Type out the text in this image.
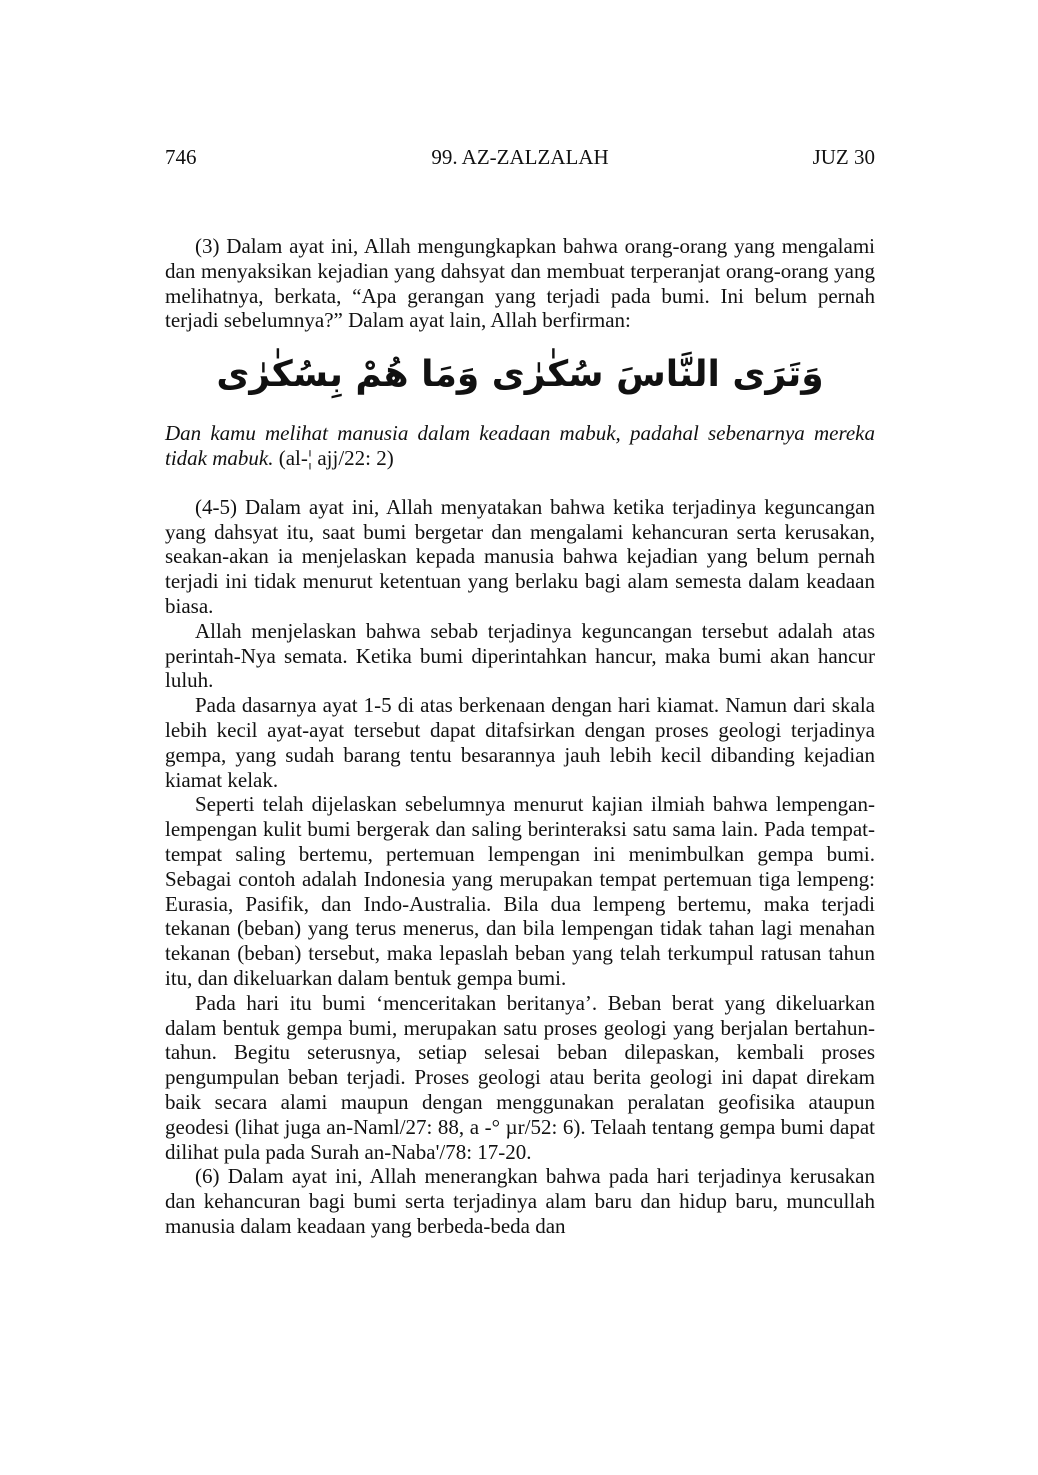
746	99. AZ-ZALZALAH	JUZ 30

(3) Dalam ayat ini, Allah mengungkapkan bahwa orang-orang yang mengalami dan menyaksikan kejadian yang dahsyat dan membuat terperanjat orang-orang yang melihatnya, berkata, “Apa gerangan yang terjadi pada bumi. Ini belum pernah terjadi sebelumnya?” Dalam ayat lain, Allah berfirman:

وَتَرَى النَّاسَ سُكٰرٰى وَمَا هُمْ بِسُكٰرٰى

Dan kamu melihat manusia dalam keadaan mabuk, padahal sebenarnya mereka tidak mabuk. (al-¦ ajj/22: 2)

(4-5) Dalam ayat ini, Allah menyatakan bahwa ketika terjadinya keguncangan yang dahsyat itu, saat bumi bergetar dan mengalami kehancuran serta kerusakan, seakan-akan ia menjelaskan kepada manusia bahwa kejadian yang belum pernah terjadi ini tidak menurut ketentuan yang berlaku bagi alam semesta dalam keadaan biasa.

Allah menjelaskan bahwa sebab terjadinya keguncangan tersebut adalah atas perintah-Nya semata. Ketika bumi diperintahkan hancur, maka bumi akan hancur luluh.

Pada dasarnya ayat 1-5 di atas berkenaan dengan hari kiamat. Namun dari skala lebih kecil ayat-ayat tersebut dapat ditafsirkan dengan proses geologi terjadinya gempa, yang sudah barang tentu besarannya jauh lebih kecil dibanding kejadian kiamat kelak.

Seperti telah dijelaskan sebelumnya menurut kajian ilmiah bahwa lempengan-lempengan kulit bumi bergerak dan saling berinteraksi satu sama lain. Pada tempat-tempat saling bertemu, pertemuan lempengan ini menimbulkan gempa bumi. Sebagai contoh adalah Indonesia yang merupakan tempat pertemuan tiga lempeng: Eurasia, Pasifik, dan Indo-Australia. Bila dua lempeng bertemu, maka terjadi tekanan (beban) yang terus menerus, dan bila lempengan tidak tahan lagi menahan tekanan (beban) tersebut, maka lepaslah beban yang telah terkumpul ratusan tahun itu, dan dikeluarkan dalam bentuk gempa bumi.

Pada hari itu bumi ‘menceritakan beritanya’. Beban berat yang dikeluarkan dalam bentuk gempa bumi, merupakan satu proses geologi yang berjalan bertahun-tahun. Begitu seterusnya, setiap selesai beban dilepaskan, kembali proses pengumpulan beban terjadi. Proses geologi atau berita geologi ini dapat direkam baik secara alami maupun dengan menggunakan peralatan geofisika ataupun geodesi (lihat juga an-Naml/27: 88, a -° µr/52: 6). Telaah tentang gempa bumi dapat dilihat pula pada Surah an-Naba'/78: 17-20.

(6) Dalam ayat ini, Allah menerangkan bahwa pada hari terjadinya kerusakan dan kehancuran bagi bumi serta terjadinya alam baru dan hidup baru, muncullah manusia dalam keadaan yang berbeda-beda dan
